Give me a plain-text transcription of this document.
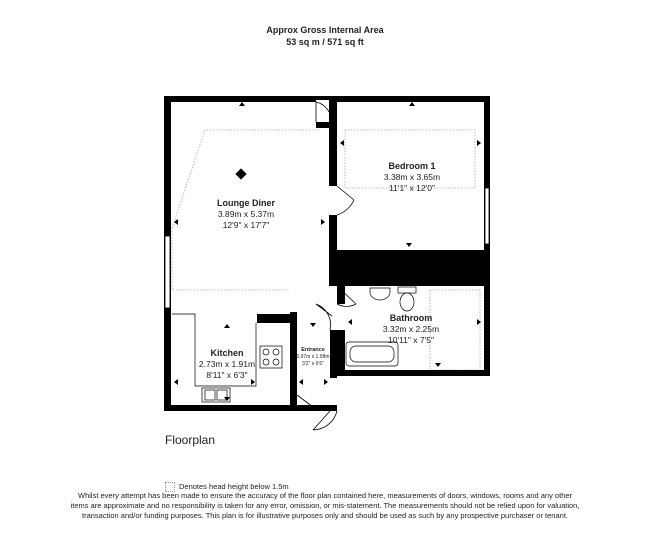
Approx Gross Internal Area
53 sq m / 571 sq ft
Lounge Diner
3.89m x 5.37m
12'9" x 17'7"
Bedroom 1
3.38m x 3.65m
11'1" x 12'0"
Bathroom
3.32m x 2.25m
10'11" x 7'5"
Kitchen
2.73m x 1.91m
8'11" x 6'3"
Entrance
0.97m x 1.98m
3'2" x 6'6"
Floorplan
Denotes head height below 1.5m
Whilst every attempt has been made to ensure the accuracy of the floor plan contained here, measurements of doors, windows, rooms and any other items are approximate and no responsibility is taken for any error, omission, or mis-statement. The measurements should not be relied upon for valuation, transaction and/or funding purposes. This plan is for illustrative purposes only and should be used as such by any prospective purchaser or tenant.
